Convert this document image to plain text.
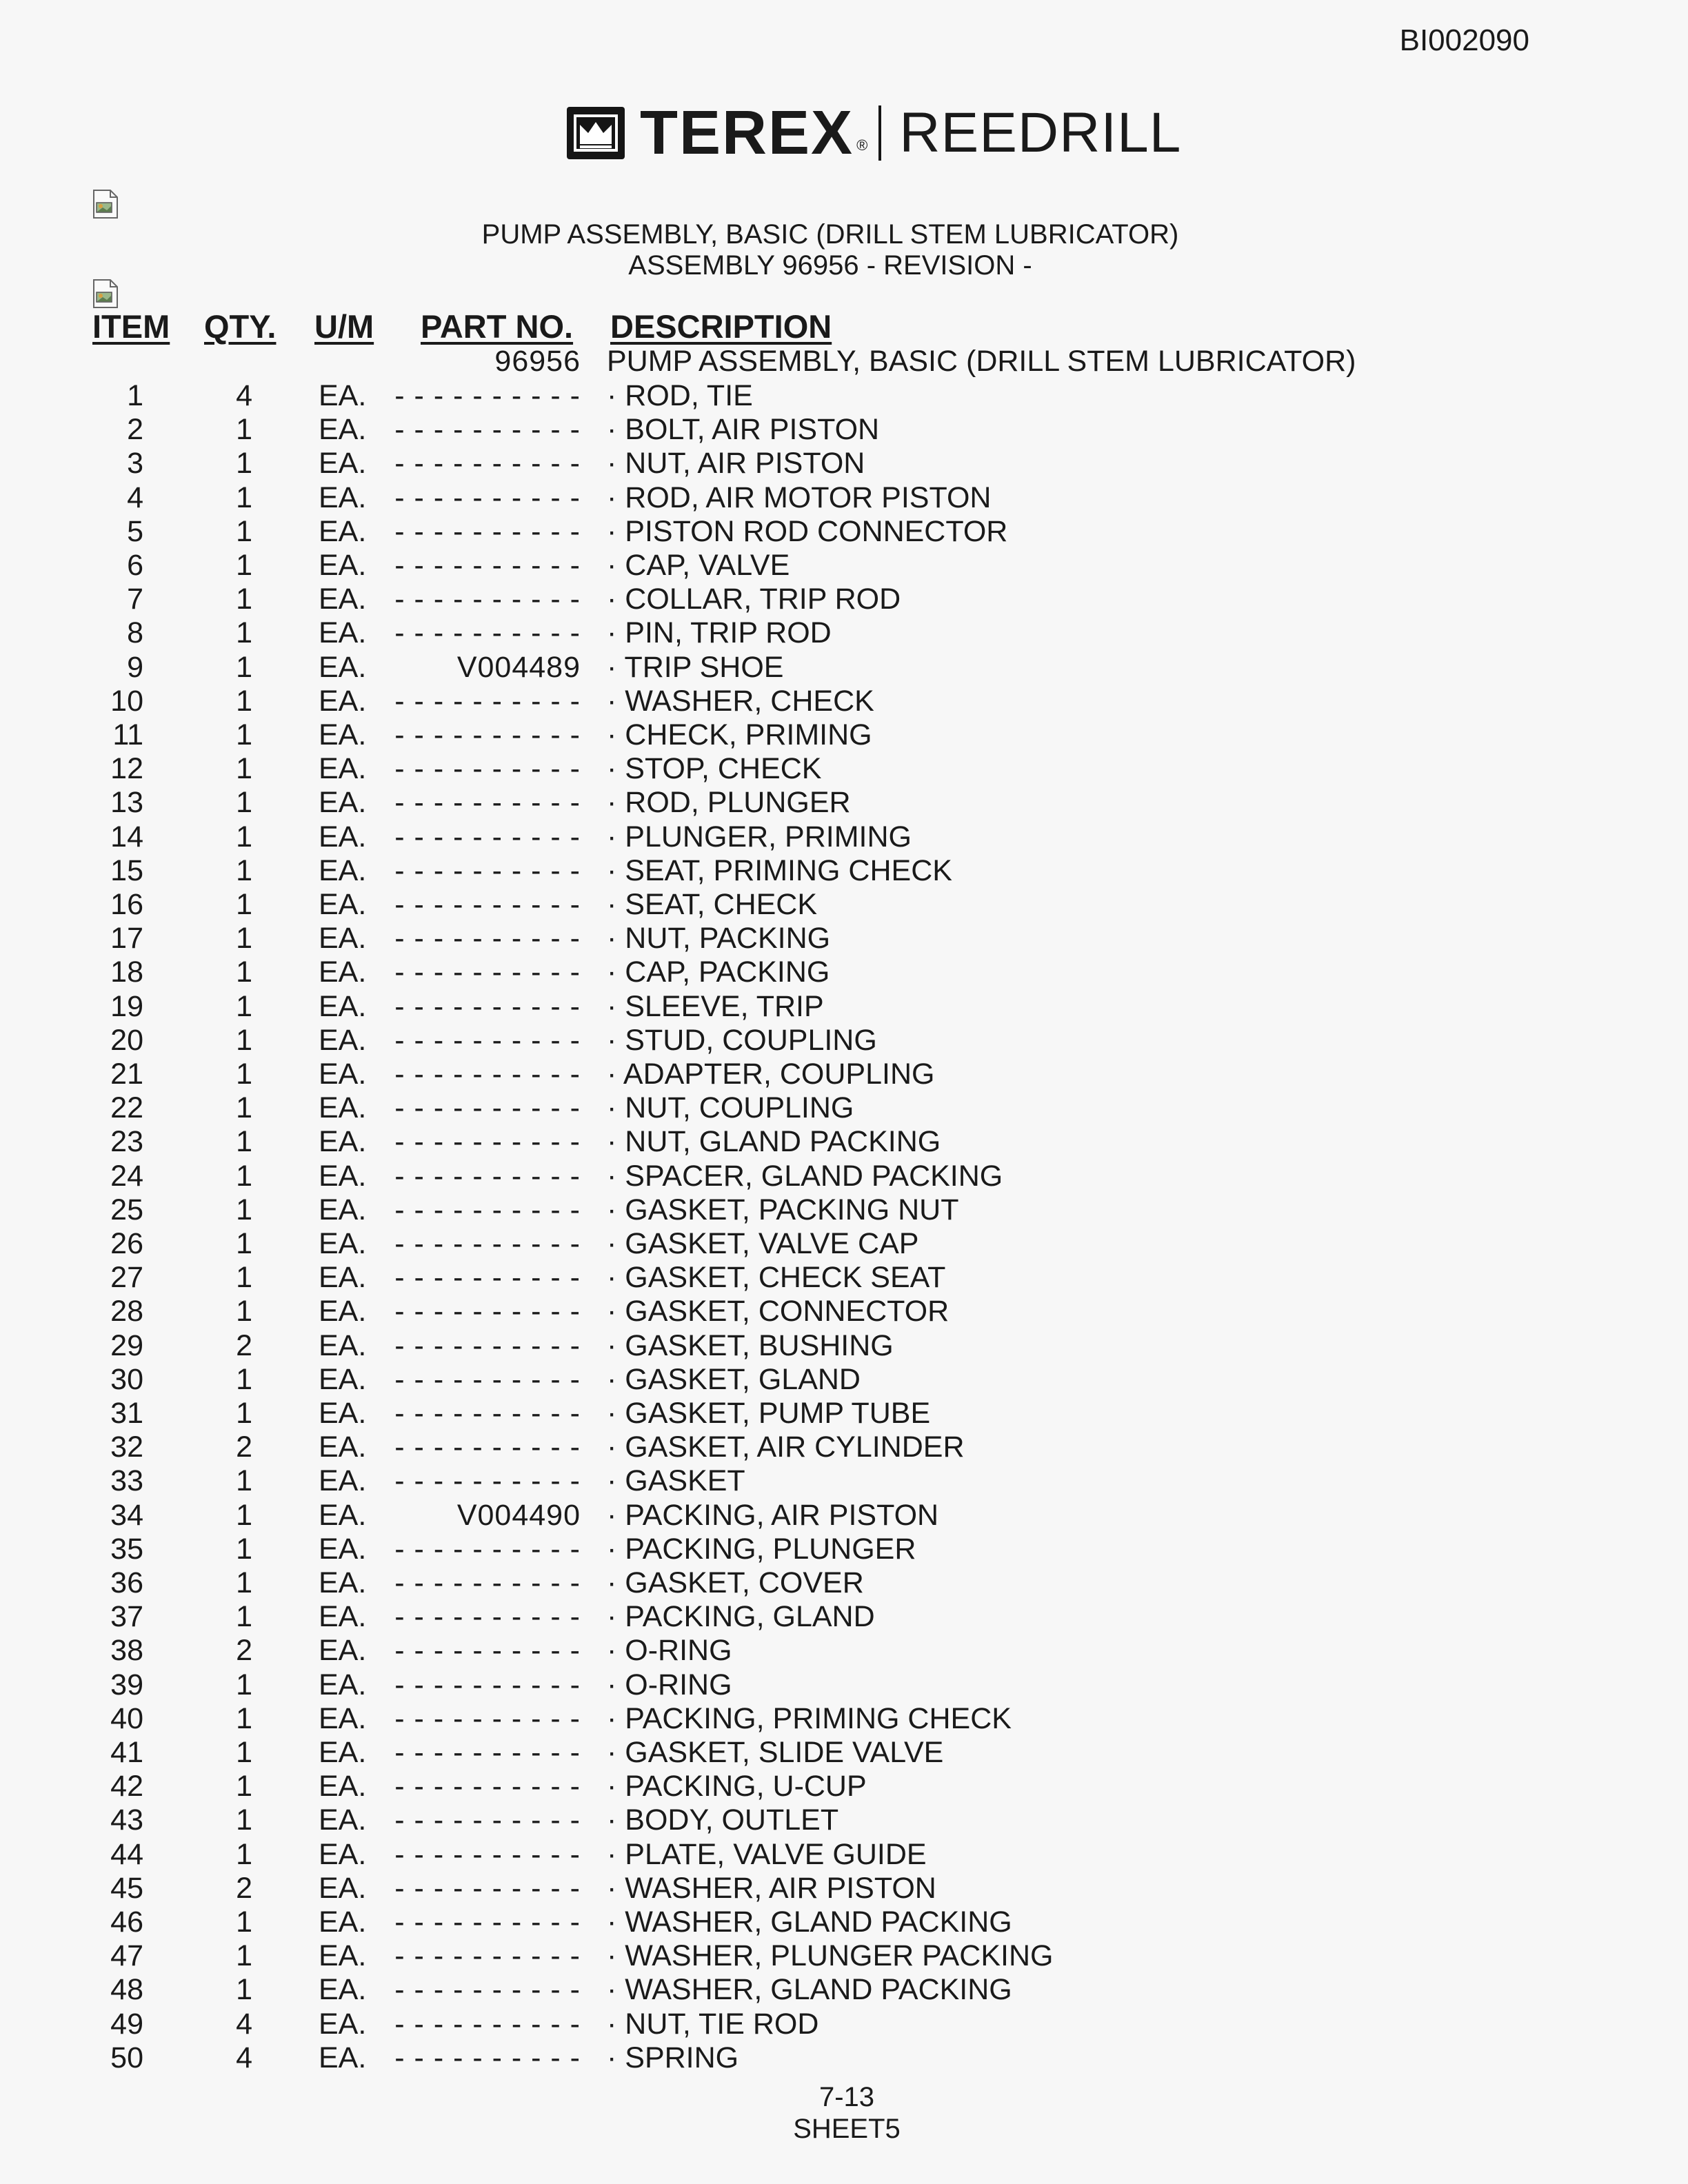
BI002090
TEREX ® REEDRILL
PUMP ASSEMBLY, BASIC (DRILL STEM LUBRICATOR)
ASSEMBLY 96956 - REVISION -
ITEM QTY. U/M PART NO. DESCRIPTION
96956 PUMP ASSEMBLY, BASIC (DRILL STEM LUBRICATOR)
1	4 EA. - - - - - - - - - - · ROD, TIE
2	1 EA. - - - - - - - - - - · BOLT, AIR PISTON
3	1 EA. - - - - - - - - - - · NUT, AIR PISTON
4	1 EA. - - - - - - - - - - · ROD, AIR MOTOR PISTON
5	1 EA. - - - - - - - - - - · PISTON ROD CONNECTOR
6	1 EA. - - - - - - - - - - · CAP, VALVE
7	1 EA. - - - - - - - - - - · COLLAR, TRIP ROD
8	1 EA. - - - - - - - - - - · PIN, TRIP ROD
9	1 EA.	V004489 · TRIP SHOE
10	1 EA. - - - - - - - - - - · WASHER, CHECK
11	1 EA. - - - - - - - - - - · CHECK, PRIMING
12	1 EA. - - - - - - - - - - · STOP, CHECK
13	1 EA. - - - - - - - - - - · ROD, PLUNGER
14	1 EA. - - - - - - - - - - · PLUNGER, PRIMING
15	1 EA. - - - - - - - - - - · SEAT, PRIMING CHECK
16	1 EA. - - - - - - - - - - · SEAT, CHECK
17	1 EA. - - - - - - - - - - · NUT, PACKING
18	1 EA. - - - - - - - - - - · CAP, PACKING
19	1 EA. - - - - - - - - - - · SLEEVE, TRIP
20	1 EA. - - - - - - - - - - · STUD, COUPLING
21	1 EA. - - - - - - - - - - · ADAPTER, COUPLING
22	1 EA. - - - - - - - - - - · NUT, COUPLING
23	1 EA. - - - - - - - - - - · NUT, GLAND PACKING
24	1 EA. - - - - - - - - - - · SPACER, GLAND PACKING
25	1 EA. - - - - - - - - - - · GASKET, PACKING NUT
26	1 EA. - - - - - - - - - - · GASKET, VALVE CAP
27	1 EA. - - - - - - - - - - · GASKET, CHECK SEAT
28	1 EA. - - - - - - - - - - · GASKET, CONNECTOR
29	2 EA. - - - - - - - - - - · GASKET, BUSHING
30	1 EA. - - - - - - - - - - · GASKET, GLAND
31	1 EA. - - - - - - - - - - · GASKET, PUMP TUBE
32	2 EA. - - - - - - - - - - · GASKET, AIR CYLINDER
33	1 EA. - - - - - - - - - - · GASKET
34	1 EA.	V004490 · PACKING, AIR PISTON
35	1 EA. - - - - - - - - - - · PACKING, PLUNGER
36	1 EA. - - - - - - - - - - · GASKET, COVER
37	1 EA. - - - - - - - - - - · PACKING, GLAND
38	2 EA. - - - - - - - - - - · O-RING
39	1 EA. - - - - - - - - - - · O-RING
40	1 EA. - - - - - - - - - - · PACKING, PRIMING CHECK
41	1 EA. - - - - - - - - - - · GASKET, SLIDE VALVE
42	1 EA. - - - - - - - - - - · PACKING, U-CUP
43	1 EA. - - - - - - - - - - · BODY, OUTLET
44	1 EA. - - - - - - - - - - · PLATE, VALVE GUIDE
45	2 EA. - - - - - - - - - - · WASHER, AIR PISTON
46	1 EA. - - - - - - - - - - · WASHER, GLAND PACKING
47	1 EA. - - - - - - - - - - · WASHER, PLUNGER PACKING
48	1 EA. - - - - - - - - - - · WASHER, GLAND PACKING
49	4 EA. - - - - - - - - - - · NUT, TIE ROD
50	4 EA. - - - - - - - - - - · SPRING
7-13
SHEET5
